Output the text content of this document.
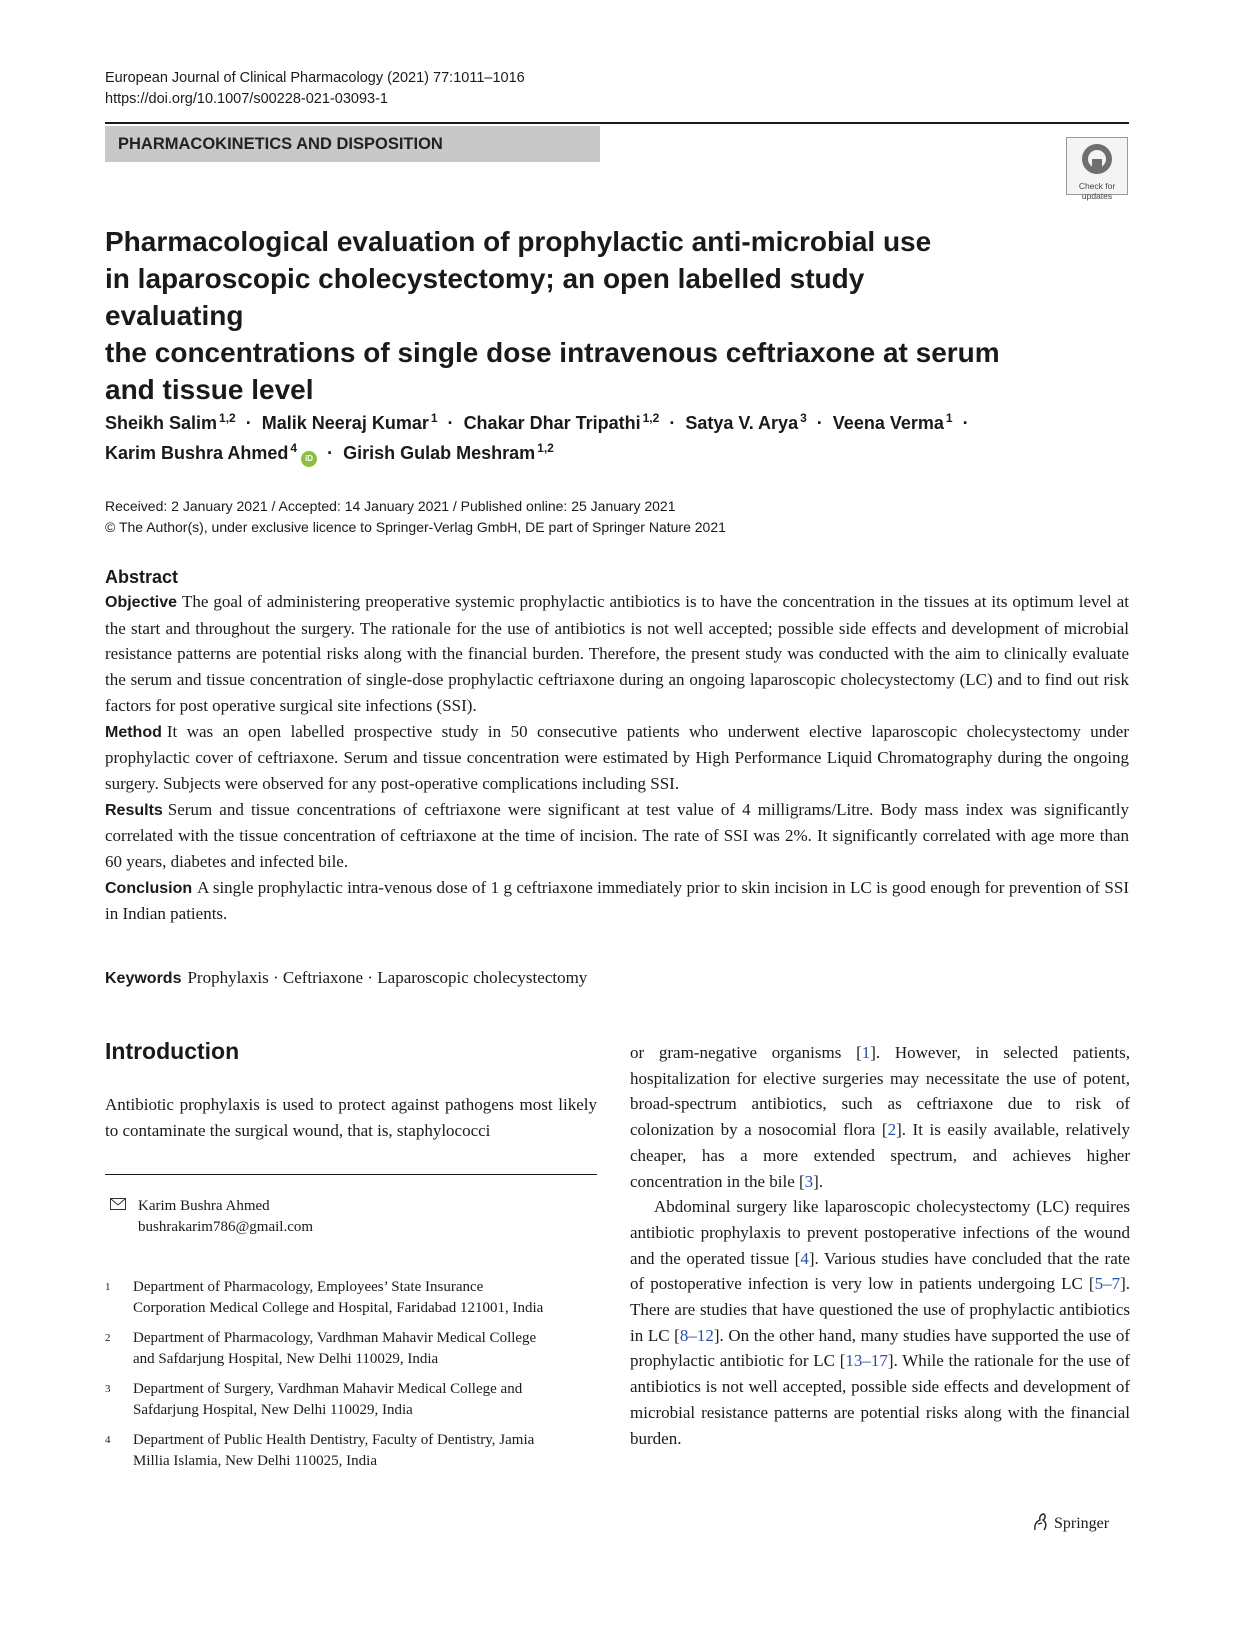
European Journal of Clinical Pharmacology (2021) 77:1011–1016
https://doi.org/10.1007/s00228-021-03093-1
PHARMACOKINETICS AND DISPOSITION
Check for
updates
Pharmacological evaluation of prophylactic anti-microbial use
in laparoscopic cholecystectomy; an open labelled study evaluating
the concentrations of single dose intravenous ceftriaxone at serum
and tissue level
Sheikh Salim $^{1,2}$ · Malik Neeraj Kumar $^1$ · Chakar Dhar Tripathi $^{1,2}$ · Satya V. Arya $^3$ · Veena Verma $^1$ ·
Karim Bushra Ahmed $^4$iD · Girish Gulab Meshram $^{1,2}$
Received: 2 January 2021 / Accepted: 14 January 2021 / Published online: 25 January 2021
© The Author(s), under exclusive licence to Springer-Verlag GmbH, DE part of Springer Nature 2021
Abstract

Objective The goal of administering preoperative systemic prophylactic antibiotics is to have the concentration in the tissues at its optimum level at the start and throughout the surgery. The rationale for the use of antibiotics is not well accepted; possible side effects and development of microbial resistance patterns are potential risks along with the financial burden. Therefore, the present study was conducted with the aim to clinically evaluate the serum and tissue concentration of single-dose prophylactic ceftriaxone during an ongoing laparoscopic cholecystectomy (LC) and to find out risk factors for post operative surgical site infections (SSI).

Method It was an open labelled prospective study in 50 consecutive patients who underwent elective laparoscopic cholecystectomy under prophylactic cover of ceftriaxone. Serum and tissue concentration were estimated by High Performance Liquid Chromatography during the ongoing surgery. Subjects were observed for any post-operative complications including SSI.

Results Serum and tissue concentrations of ceftriaxone were significant at test value of 4 milligrams/Litre. Body mass index was significantly correlated with the tissue concentration of ceftriaxone at the time of incision. The rate of SSI was 2%. It significantly correlated with age more than 60 years, diabetes and infected bile.

Conclusion A single prophylactic intra-venous dose of 1 g ceftriaxone immediately prior to skin incision in LC is good enough for prevention of SSI in Indian patients.

Keywords Prophylaxis · Ceftriaxone · Laparoscopic cholecystectomy
Introduction

Antibiotic prophylaxis is used to protect against pathogens most likely to contaminate the surgical wound, that is, staphylococci

Karim Bushra Ahmed
bushrakarim786@gmail.com
1 Department of Pharmacology, Employees’ State Insurance
Corporation Medical College and Hospital, Faridabad 121001, India
2 Department of Pharmacology, Vardhman Mahavir Medical College
and Safdarjung Hospital, New Delhi 110029, India
3 Department of Surgery, Vardhman Mahavir Medical College and
Safdarjung Hospital, New Delhi 110029, India
4 Department of Public Health Dentistry, Faculty of Dentistry, Jamia
Millia Islamia, New Delhi 110025, India

or gram-negative organisms [1]. However, in selected patients, hospitalization for elective surgeries may necessitate the use of potent, broad-spectrum antibiotics, such as ceftriaxone due to risk of colonization by a nosocomial flora [2]. It is easily available, relatively cheaper, has a more extended spectrum, and achieves higher concentration in the bile [3].

Abdominal surgery like laparoscopic cholecystectomy (LC) requires antibiotic prophylaxis to prevent postoperative infections of the wound and the operated tissue [4]. Various studies have concluded that the rate of postoperative infection is very low in patients undergoing LC [5–7]. There are studies that have questioned the use of prophylactic antibiotics in LC [8–12]. On the other hand, many studies have supported the use of prophylactic antibiotic for LC [13–17]. While the rationale for the use of antibiotics is not well accepted, possible side effects and development of microbial resistance patterns are potential risks along with the financial burden.

Springer
